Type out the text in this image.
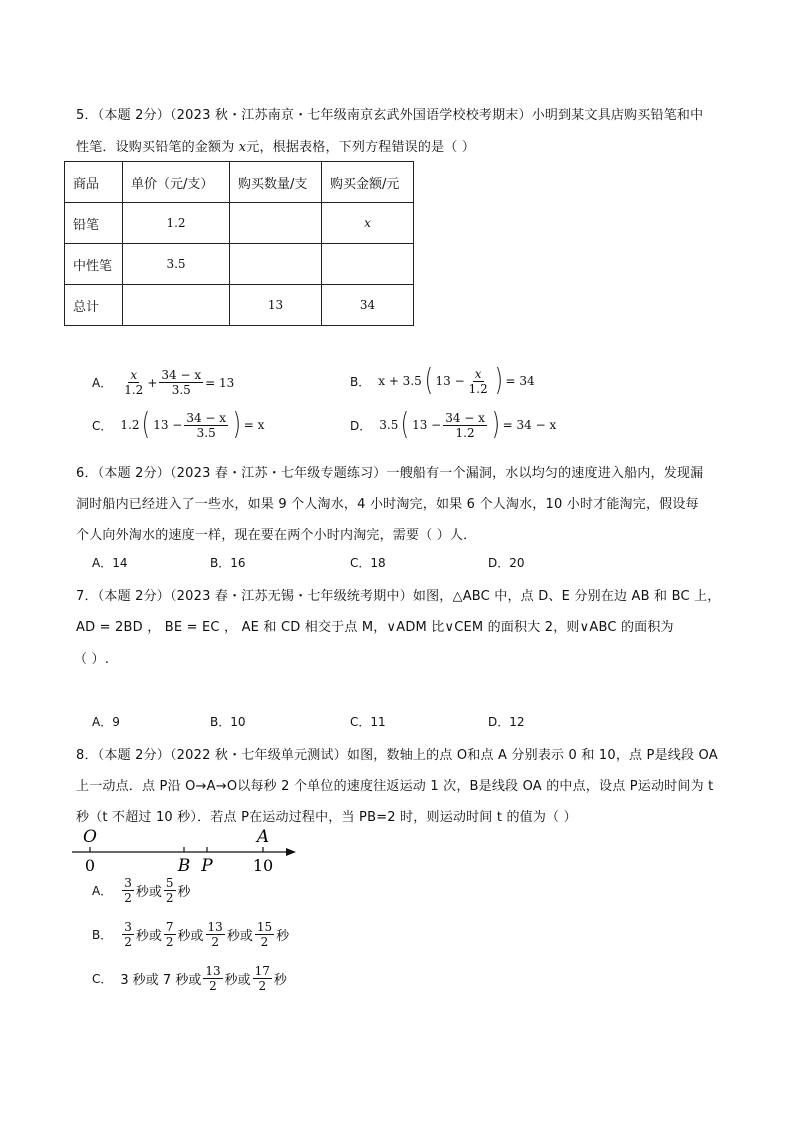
5．（本题 2分）（2023 秋・江苏南京・七年级南京玄武外国语学校校考期末）小明到某文具店购买铅笔和中
性笔．设购买铅笔的金额为 x元，根据表格，下列方程错误的是（ ）
商品	单价（元/支）	购买数量/支	购买金额/元
铅笔	1.2		x
中性笔	3.5		
总计		13	34
A． $\frac{x}{1.2} + \frac{34 - x}{3.5} = 13$	B． x + 3.5 ( $13 - \frac{x}{1.2}$ ) = 34
C． 1.2 ( $13 - \frac{34 - x}{3.5}$ ) = x	D． 3.5 ( $13 - \frac{34 - x}{1.2}$ ) = 34 − x
6．（本题 2分）（2023 春・江苏・七年级专题练习）一艘船有一个漏洞，水以均匀的速度进入船内，发现漏
洞时船内已经进入了一些水，如果 9 个人淘水，4 小时淘完，如果 6 个人淘水，10 小时才能淘完，假设每
个人向外淘水的速度一样，现在要在两个小时内淘完，需要（ ）人．
A．14	B．16	C．18	D．20
7．（本题 2分）（2023 春・江苏无锡・七年级统考期中）如图，△ABC 中，点 D、E 分别在边 AB 和 BC 上，
AD = 2BD ， BE = EC ， AE 和 CD 相交于点 M，∨ADM 比∨CEM 的面积大 2，则∨ABC 的面积为
（ ）.
A．9	B．10	C．11	D．12
8．（本题 2分）（2022 秋・七年级单元测试）如图，数轴上的点 O和点 A 分别表示 0 和 10，点 P是线段 OA
上一动点．点 P沿 O→A→O以每秒 2 个单位的速度往返运动 1 次，B是线段 OA 的中点，设点 P运动时间为 t
秒（t 不超过 10 秒）．若点 P在运动过程中，当 PB=2 时，则运动时间 t 的值为（ ）
O	A
0	B P	10
A． $\frac{3}{2}$ 秒或 $\frac{5}{2}$ 秒
B． $\frac{3}{2}$ 秒或 $\frac{7}{2}$ 秒或 $\frac{13}{2}$ 秒或 $\frac{15}{2}$ 秒
C． 3 秒或 7 秒或 $\frac{13}{2}$ 秒或 $\frac{17}{2}$ 秒
